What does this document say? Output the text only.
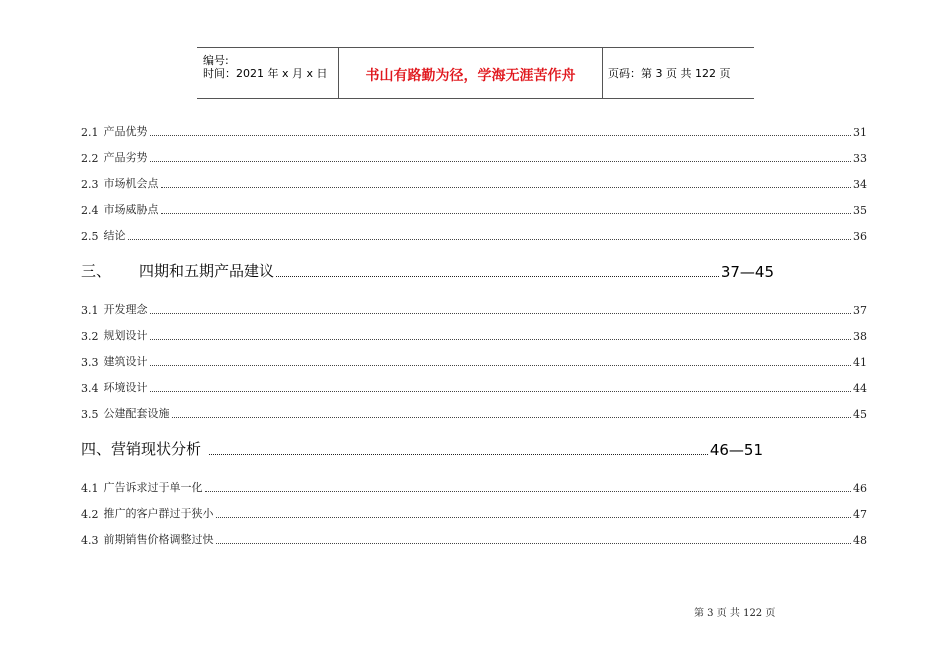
编号:
时间：2021 年 x 月 x 日	书山有路勤为径，学海无涯苦作舟	页码：第 3 页 共 122 页
2.1 产品优势	31
2.2 产品劣势	33
2.3 市场机会点	34
2.4 市场威胁点	35
2.5 结论	36
三、 四期和五期产品建议	37—45
3.1 开发理念	37
3.2 规划设计	38
3.3 建筑设计	41
3.4 环境设计	44
3.5 公建配套设施	45
四、营销现状分析	46—51
4.1 广告诉求过于单一化	46
4.2 推广的客户群过于狭小	47
4.3 前期销售价格调整过快	48
第 3 页 共 122 页
